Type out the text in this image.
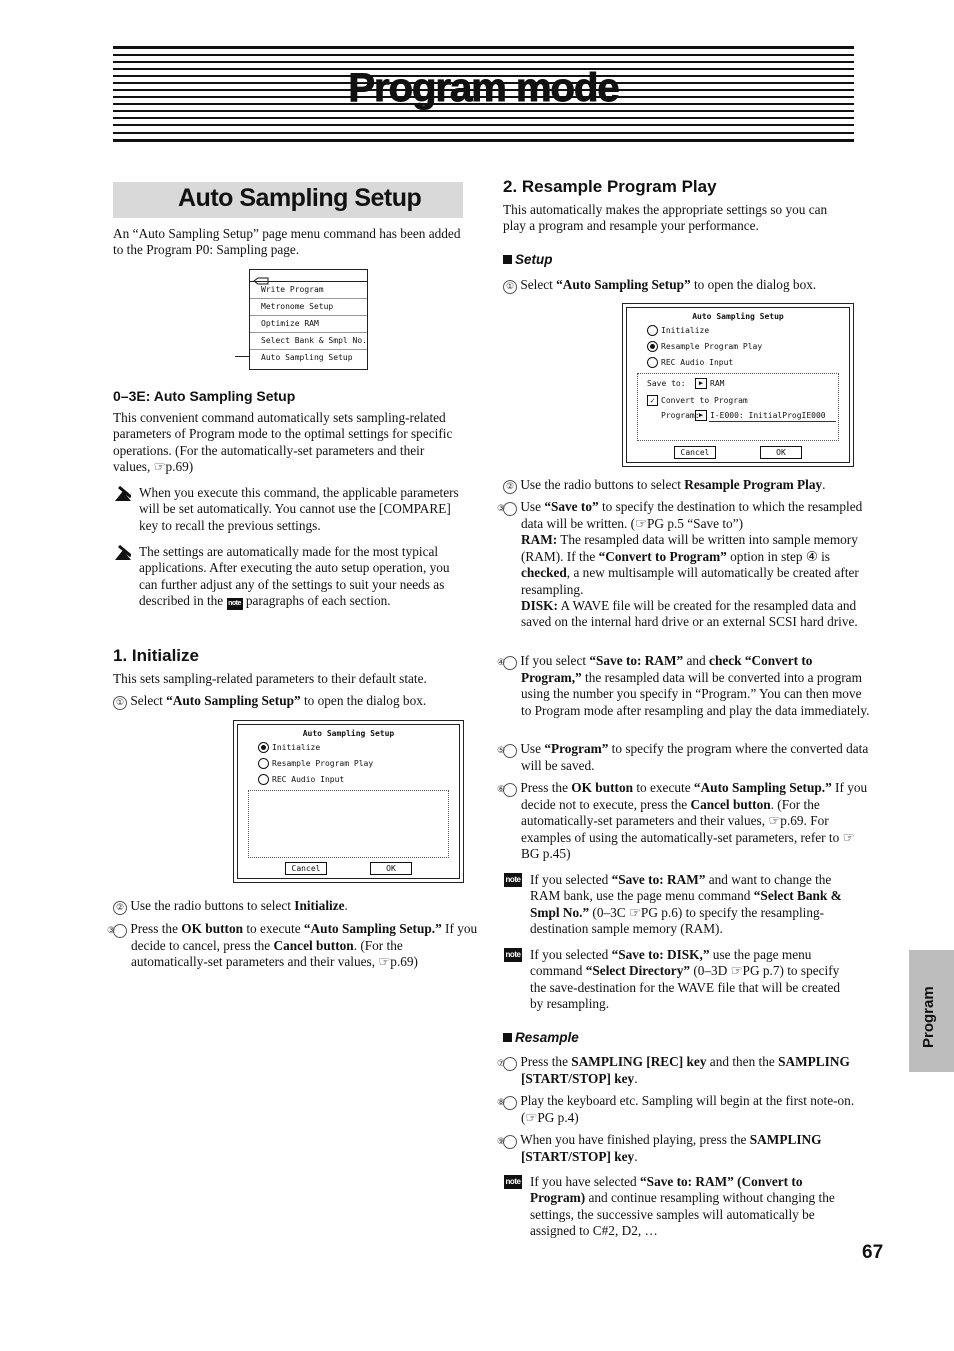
Program mode
Auto Sampling Setup

An “Auto Sampling Setup” page menu command has been added to the Program P0: Sampling page.

Write Program
Metronome Setup
Optimize RAM
Select Bank & Smpl No.
Auto Sampling Setup
0–3E: Auto Sampling Setup

This convenient command automatically sets sampling-related parameters of Program mode to the optimal settings for specific operations. (For the automatically-set parameters and their values, ☞p.69)

When you execute this command, the applicable parameters will be set automatically. You cannot use the [COMPARE] key to recall the previous settings.

The settings are automatically made for the most typical applications. After executing the auto setup operation, you can further adjust any of the settings to suit your needs as described in the note paragraphs of each section.

1. Initialize

This sets sampling-related parameters to their default state.

① Select “Auto Sampling Setup” to open the dialog box.

Auto Sampling Setup
Initialize
Resample Program Play
REC Audio Input
Cancel	OK

② Use the radio buttons to select Initialize.

③ Press the OK button to execute “Auto Sampling Setup.” If you decide to cancel, press the Cancel button. (For the automatically-set parameters and their values, ☞p.69)

2. Resample Program Play

This automatically makes the appropriate settings so you can play a program and resample your performance.

Setup

① Select “Auto Sampling Setup” to open the dialog box.

Auto Sampling Setup
Initialize
Resample Program Play
REC Audio Input
Save to:	▶ RAM
✓ Convert to Program
Program: ▶ I-E000: InitialProgIE000
Cancel	OK

② Use the radio buttons to select Resample Program Play.

③ Use “Save to” to specify the destination to which the resampled data will be written. (☞PG p.5 “Save to”)
RAM: The resampled data will be written into sample memory (RAM). If the “Convert to Program” option in step ④ is checked, a new multisample will automatically be created after resampling.
DISK: A WAVE file will be created for the resampled data and saved on the internal hard drive or an external SCSI hard drive.

④ If you select “Save to: RAM” and check “Convert to Program,” the resampled data will be converted into a program using the number you specify in “Program.” You can then move to Program mode after resampling and play the data immediately.

⑤ Use “Program” to specify the program where the converted data will be saved.

⑥ Press the OK button to execute “Auto Sampling Setup.” If you decide not to execute, press the Cancel button. (For the automatically-set parameters and their values, ☞p.69. For examples of using the automatically-set parameters, refer to ☞BG p.45)

note If you selected “Save to: RAM” and want to change the RAM bank, use the page menu command “Select Bank & Smpl No.” (0–3C ☞PG p.6) to specify the resampling-destination sample memory (RAM).

note If you selected “Save to: DISK,” use the page menu command “Select Directory” (0–3D ☞PG p.7) to specify the save-destination for the WAVE file that will be created by resampling.

Resample

⑦ Press the SAMPLING [REC] key and then the SAMPLING [START/STOP] key.

⑧ Play the keyboard etc. Sampling will begin at the first note-on. (☞PG p.4)

⑨ When you have finished playing, press the SAMPLING [START/STOP] key.

note If you have selected “Save to: RAM” (Convert to Program) and continue resampling without changing the settings, the successive samples will automatically be assigned to C#2, D2, …

Program
67
